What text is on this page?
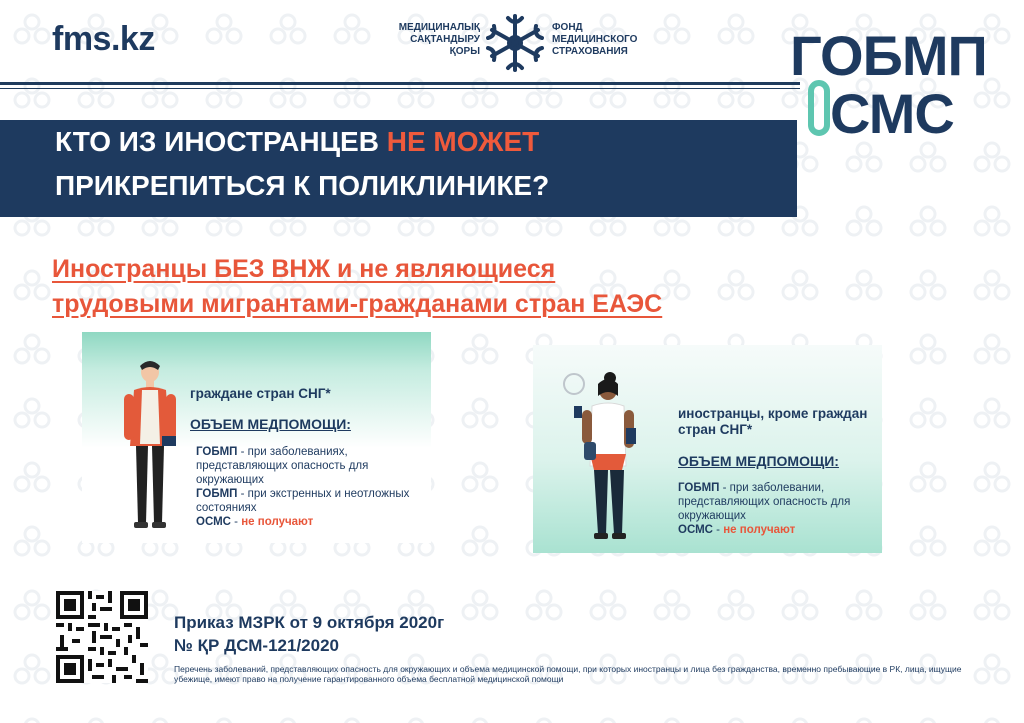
fms.kz	МЕДИЦИНАЛЫҚ
САҚТАНДЫРУ
ҚОРЫ
ФОНД
МЕДИЦИНСКОГО
СТРАХОВАНИЯ	ГОБМП
СМС
КТО ИЗ ИНОСТРАНЦЕВ НЕ МОЖЕТ
ПРИКРЕПИТЬСЯ К ПОЛИКЛИНИКЕ?
Иностранцы БЕЗ ВНЖ и не являющиеся
трудовыми мигрантами-гражданами стран ЕАЭС
граждане стран СНГ*
ОБЪЕМ МЕДПОМОЩИ:
ГОБМП - при заболеваниях, представляющих опасность для окружающих
ГОБМП - при экстренных и неотложных состояниях
ОСМС - не получают
иностранцы, кроме граждан стран СНГ*
ОБЪЕМ МЕДПОМОЩИ:
ГОБМП - при заболевании, представляющих опасность для окружающих
ОСМС - не получают
Приказ МЗРК от 9 октября 2020г
№ ҚР ДСМ-121/2020
Перечень заболеваний, представляющих опасность для окружающих и объема медицинской помощи, при которых иностранцы и лица без гражданства, временно пребывающие в РК, лица, ищущие убежище, имеют право на получение гарантированного объема бесплатной медицинской помощи
